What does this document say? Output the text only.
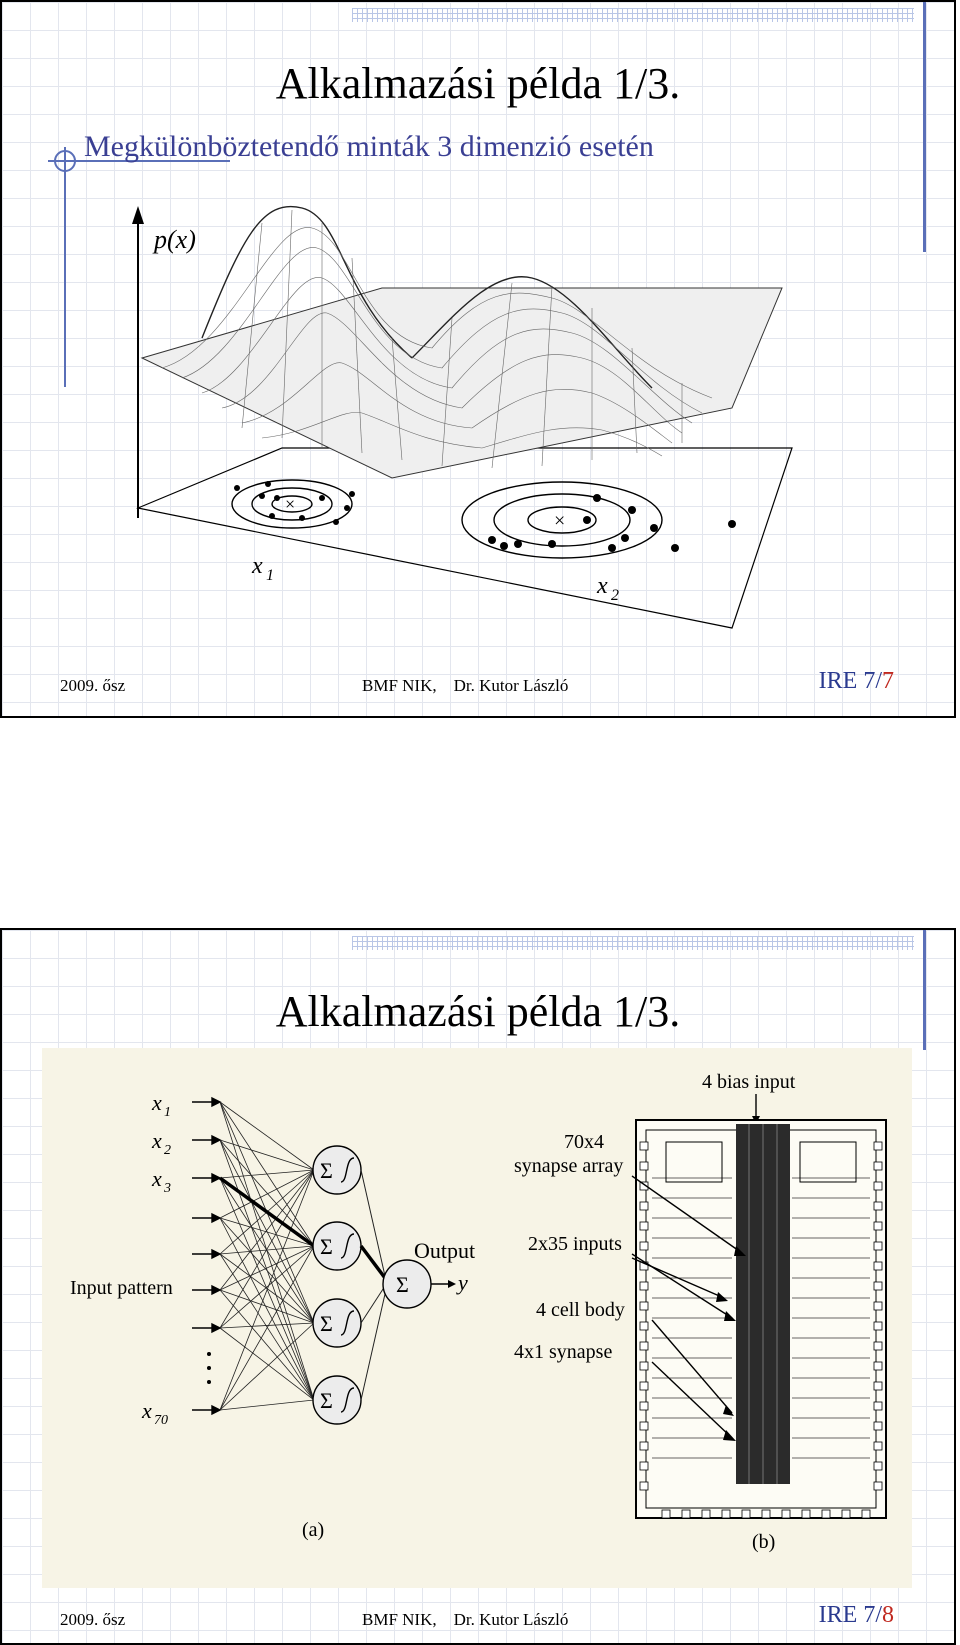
Alkalmazási példa 1/3.
Megkülönböztetendő minták 3 dimenzió esetén
p(x)
×
×
x 1	x 2
2009. ősz	BMF NIK, Dr. Kutor László	IRE 7/7
Alkalmazási példa 1/3.
x 1
x 2
x 3
x 70
Input pattern
Σ
Σ
Σ
Σ
Σ y
Output
(a)
4 bias input
70x4
synapse array
2x35 inputs
4 cell body
4x1 synapse
(b)
2009. ősz	BMF NIK, Dr. Kutor László	IRE 7/8
